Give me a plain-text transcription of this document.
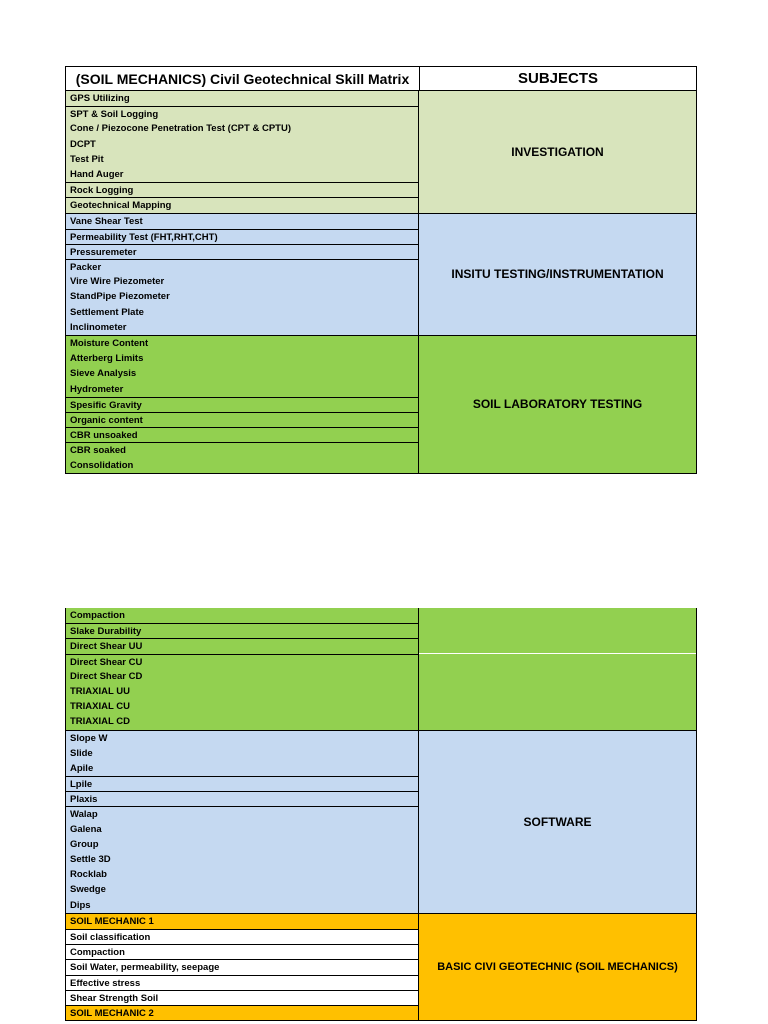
(SOIL MECHANICS) Civil Geotechnical Skill Matrix	SUBJECTS
GPS Utilizing
SPT & Soil Logging
Cone / Piezocone Penetration Test (CPT & CPTU)
DCPT
Test Pit
Hand Auger
Rock Logging
Geotechnical Mapping
INVESTIGATION
Vane Shear Test
Permeability Test (FHT,RHT,CHT)
Pressuremeter
Packer
Vire Wire Piezometer
StandPipe Piezometer
Settlement Plate
Inclinometer
INSITU TESTING/INSTRUMENTATION
Moisture Content
Atterberg Limits
Sieve Analysis
Hydrometer
Spesific Gravity
Organic content
CBR unsoaked
CBR soaked
Consolidation
SOIL LABORATORY TESTING
Compaction
Slake Durability
Direct Shear UU
Direct Shear CU
Direct Shear CD
TRIAXIAL UU
TRIAXIAL CU
TRIAXIAL CD
Slope W
Slide
Apile
Lpile
Plaxis
Walap
Galena
Group
Settle 3D
Rocklab
Swedge
Dips
SOFTWARE
SOIL MECHANIC 1
Soil classification
Compaction
Soil Water, permeability, seepage
Effective stress
Shear Strength Soil
SOIL MECHANIC 2
BASIC CIVI GEOTECHNIC (SOIL MECHANICS)
